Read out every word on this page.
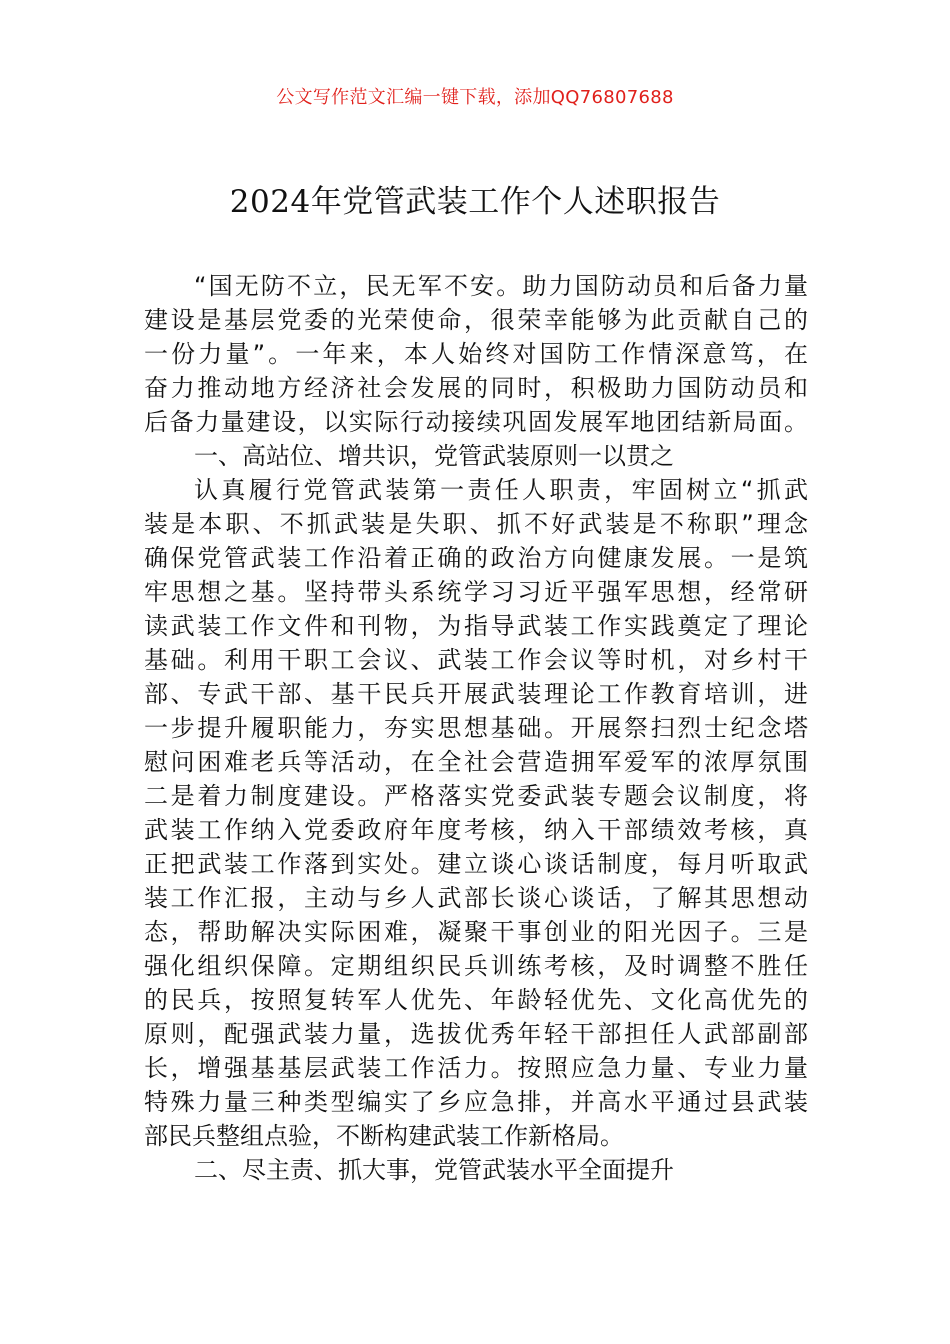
公文写作范文汇编一键下载，添加QQ76807688
2024年党管武装工作个人述职报告
“国无防不立，民无军不安。助力国防动员和后备力量
建设是基层党委的光荣使命，很荣幸能够为此贡献自己的
一份力量”。一年来，本人始终对国防工作情深意笃，在
奋力推动地方经济社会发展的同时，积极助力国防动员和
后备力量建设，以实际行动接续巩固发展军地团结新局面。
一、高站位、增共识，党管武装原则一以贯之
认真履行党管武装第一责任人职责，牢固树立“抓武
装是本职、不抓武装是失职、抓不好武装是不称职”理念
确保党管武装工作沿着正确的政治方向健康发展。一是筑
牢思想之基。坚持带头系统学习习近平强军思想，经常研
读武装工作文件和刊物，为指导武装工作实践奠定了理论
基础。利用干职工会议、武装工作会议等时机，对乡村干
部、专武干部、基干民兵开展武装理论工作教育培训，进
一步提升履职能力，夯实思想基础。开展祭扫烈士纪念塔
慰问困难老兵等活动，在全社会营造拥军爱军的浓厚氛围
二是着力制度建设。严格落实党委武装专题会议制度，将
武装工作纳入党委政府年度考核，纳入干部绩效考核，真
正把武装工作落到实处。建立谈心谈话制度，每月听取武
装工作汇报，主动与乡人武部长谈心谈话，了解其思想动
态，帮助解决实际困难，凝聚干事创业的阳光因子。三是
强化组织保障。定期组织民兵训练考核，及时调整不胜任
的民兵，按照复转军人优先、年龄轻优先、文化高优先的
原则，配强武装力量，选拔优秀年轻干部担任人武部副部
长，增强基基层武装工作活力。按照应急力量、专业力量
特殊力量三种类型编实了乡应急排，并高水平通过县武装
部民兵整组点验，不断构建武装工作新格局。
二、尽主责、抓大事，党管武装水平全面提升
